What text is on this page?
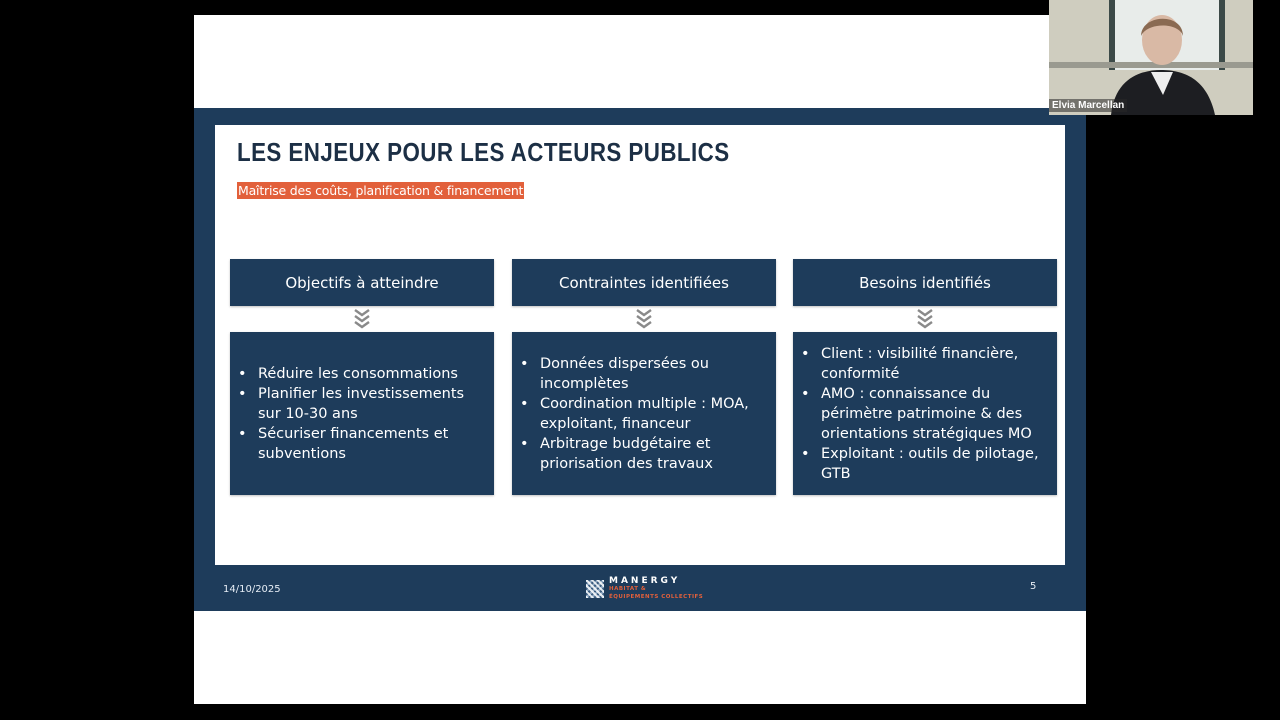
LES ENJEUX POUR LES ACTEURS PUBLICS
Maîtrise des coûts, planification & financement
Objectifs à atteindre
• Réduire les consommations
• Planifier les investissements sur 10-30 ans
• Sécuriser financements et subventions
Contraintes identifiées
• Données dispersées ou incomplètes
• Coordination multiple : MOA, exploitant, financeur
• Arbitrage budgétaire et priorisation des travaux
Besoins identifiés
• Client : visibilité financière, conformité
• AMO : connaissance du périmètre patrimoine & des orientations stratégiques MO
• Exploitant : outils de pilotage, GTB
14/10/2025
MANERGY
HABITAT &
ÉQUIPEMENTS COLLECTIFS
5
Elvia Marcellan
